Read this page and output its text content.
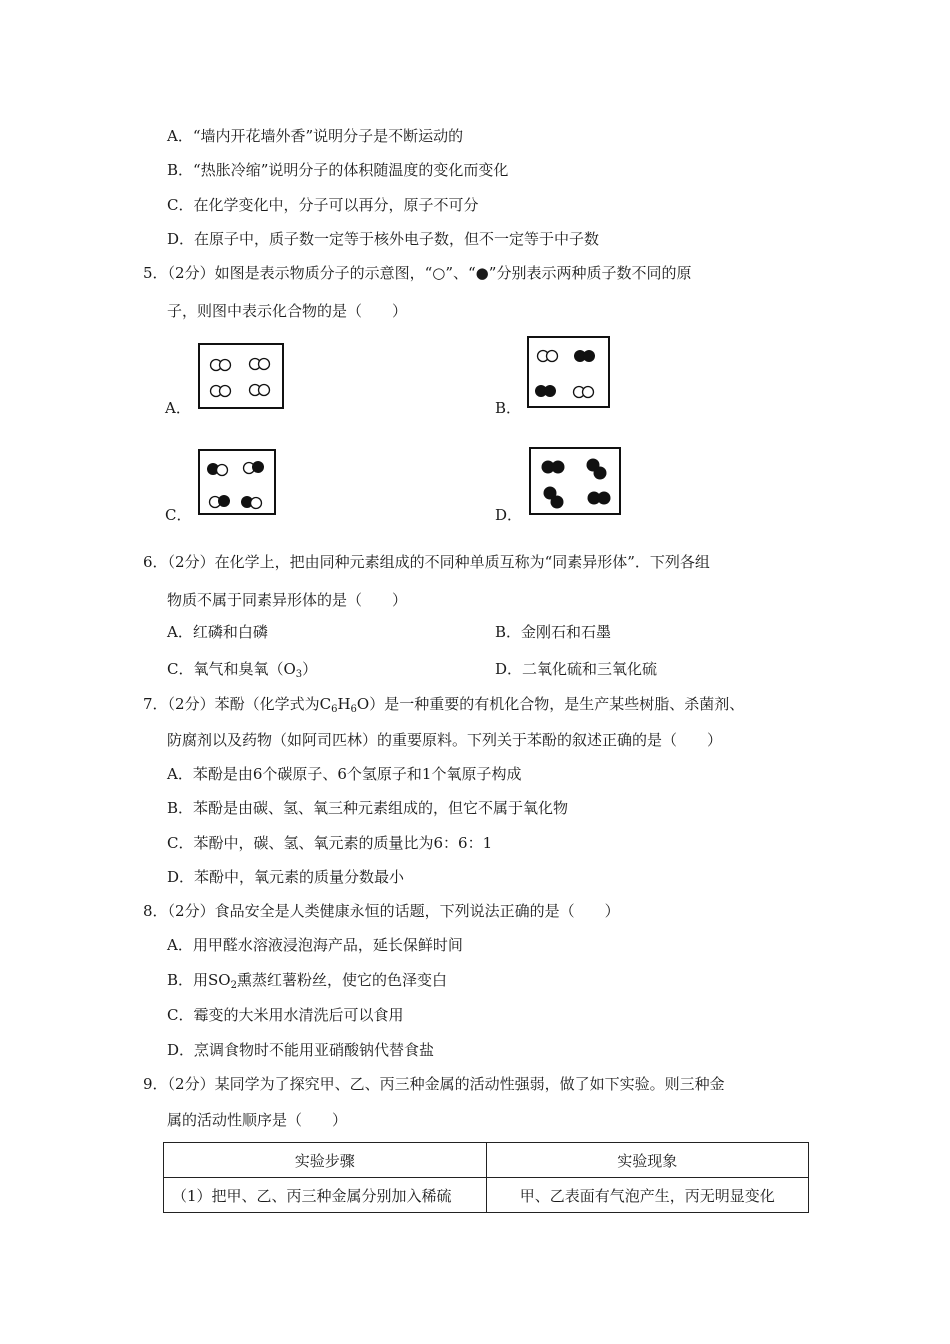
A．“墙内开花墙外香”说明分子是不断运动的
B．“热胀冷缩”说明分子的体积随温度的变化而变化
C．在化学变化中，分子可以再分，原子不可分
D．在原子中，质子数一定等于核外电子数，但不一定等于中子数
5．（2分）如图是表示物质分子的示意图，“○”、“●”分别表示两种质子数不同的原
子，则图中表示化合物的是（　　）
A．	B．
C．	D．
6．（2分）在化学上，把由同种元素组成的不同种单质互称为“同素异形体”．下列各组
物质不属于同素异形体的是（　　）
A．红磷和白磷	B．金刚石和石墨
C．氧气和臭氧$(O_3)$	D．二氧化硫和三氧化硫
7．（2分）苯酚（化学式为$C_6H_6O$）是一种重要的有机化合物，是生产某些树脂、杀菌剂、
防腐剂以及药物（如阿司匹林）的重要原料。下列关于苯酚的叙述正确的是（　　）
A．苯酚是由6个碳原子、6个氢原子和1个氧原子构成
B．苯酚是由碳、氢、氧三种元素组成的，但它不属于氧化物
C．苯酚中，碳、氢、氧元素的质量比为6：6：1
D．苯酚中，氧元素的质量分数最小
8．（2分）食品安全是人类健康永恒的话题，下列说法正确的是（　　）
A．用甲醛水溶液浸泡海产品，延长保鲜时间
B．用$SO_2$熏蒸红薯粉丝，使它的色泽变白
C．霉变的大米用水清洗后可以食用
D．烹调食物时不能用亚硝酸钠代替食盐
9．（2分）某同学为了探究甲、乙、丙三种金属的活动性强弱，做了如下实验。则三种金
属的活动性顺序是（　　）
实验步骤	实验现象
（1）把甲、乙、丙三种金属分别加入稀硫	甲、乙表面有气泡产生，丙无明显变化
